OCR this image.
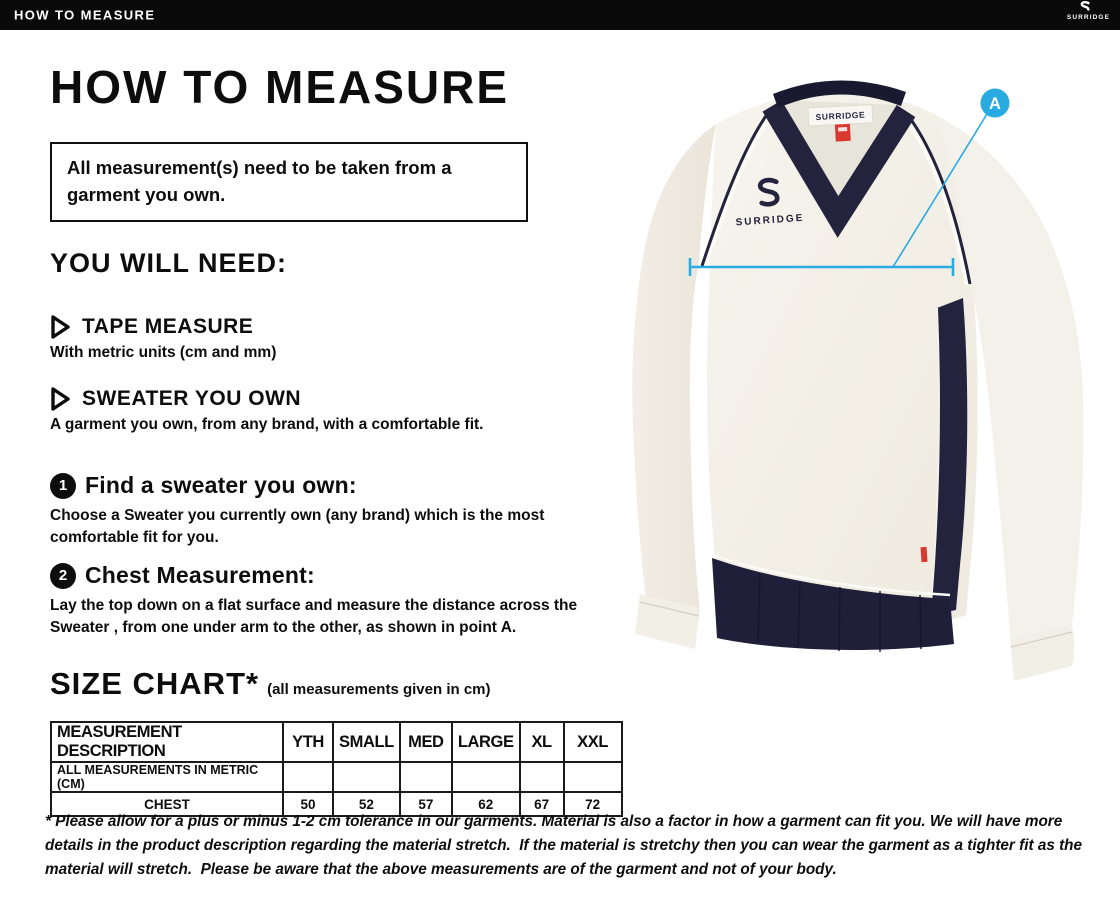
HOW TO MEASURE	SURRIDGE
HOW TO MEASURE
All measurement(s) need to be taken from a garment you own.
YOU WILL NEED:
TAPE MEASURE
With metric units (cm and mm)
SWEATER YOU OWN
A garment you own, from any brand, with a comfortable fit.
1 Find a sweater you own:
Choose a Sweater you currently own (any brand) which is the most comfortable fit for you.
2 Chest Measurement:
Lay the top down on a flat surface and measure the distance across the Sweater , from one under arm to the other, as shown in point A.
SIZE CHART* (all measurements given in cm)
MEASUREMENT DESCRIPTION	YTH	SMALL	MED	LARGE	XL	XXL
ALL MEASUREMENTS IN METRIC (CM)						
CHEST	50	52	57	62	67	72
* Please allow for a plus or minus 1-2 cm tolerance in our garments. Material is also a factor in how a garment can fit you. We will have more details in the product description regarding the material stretch.  If the material is stretchy then you can wear the garment as a tighter fit as the material will stretch.  Please be aware that the above measurements are of the garment and not of your body.
SURRIDGE
SURRIDGE
A
